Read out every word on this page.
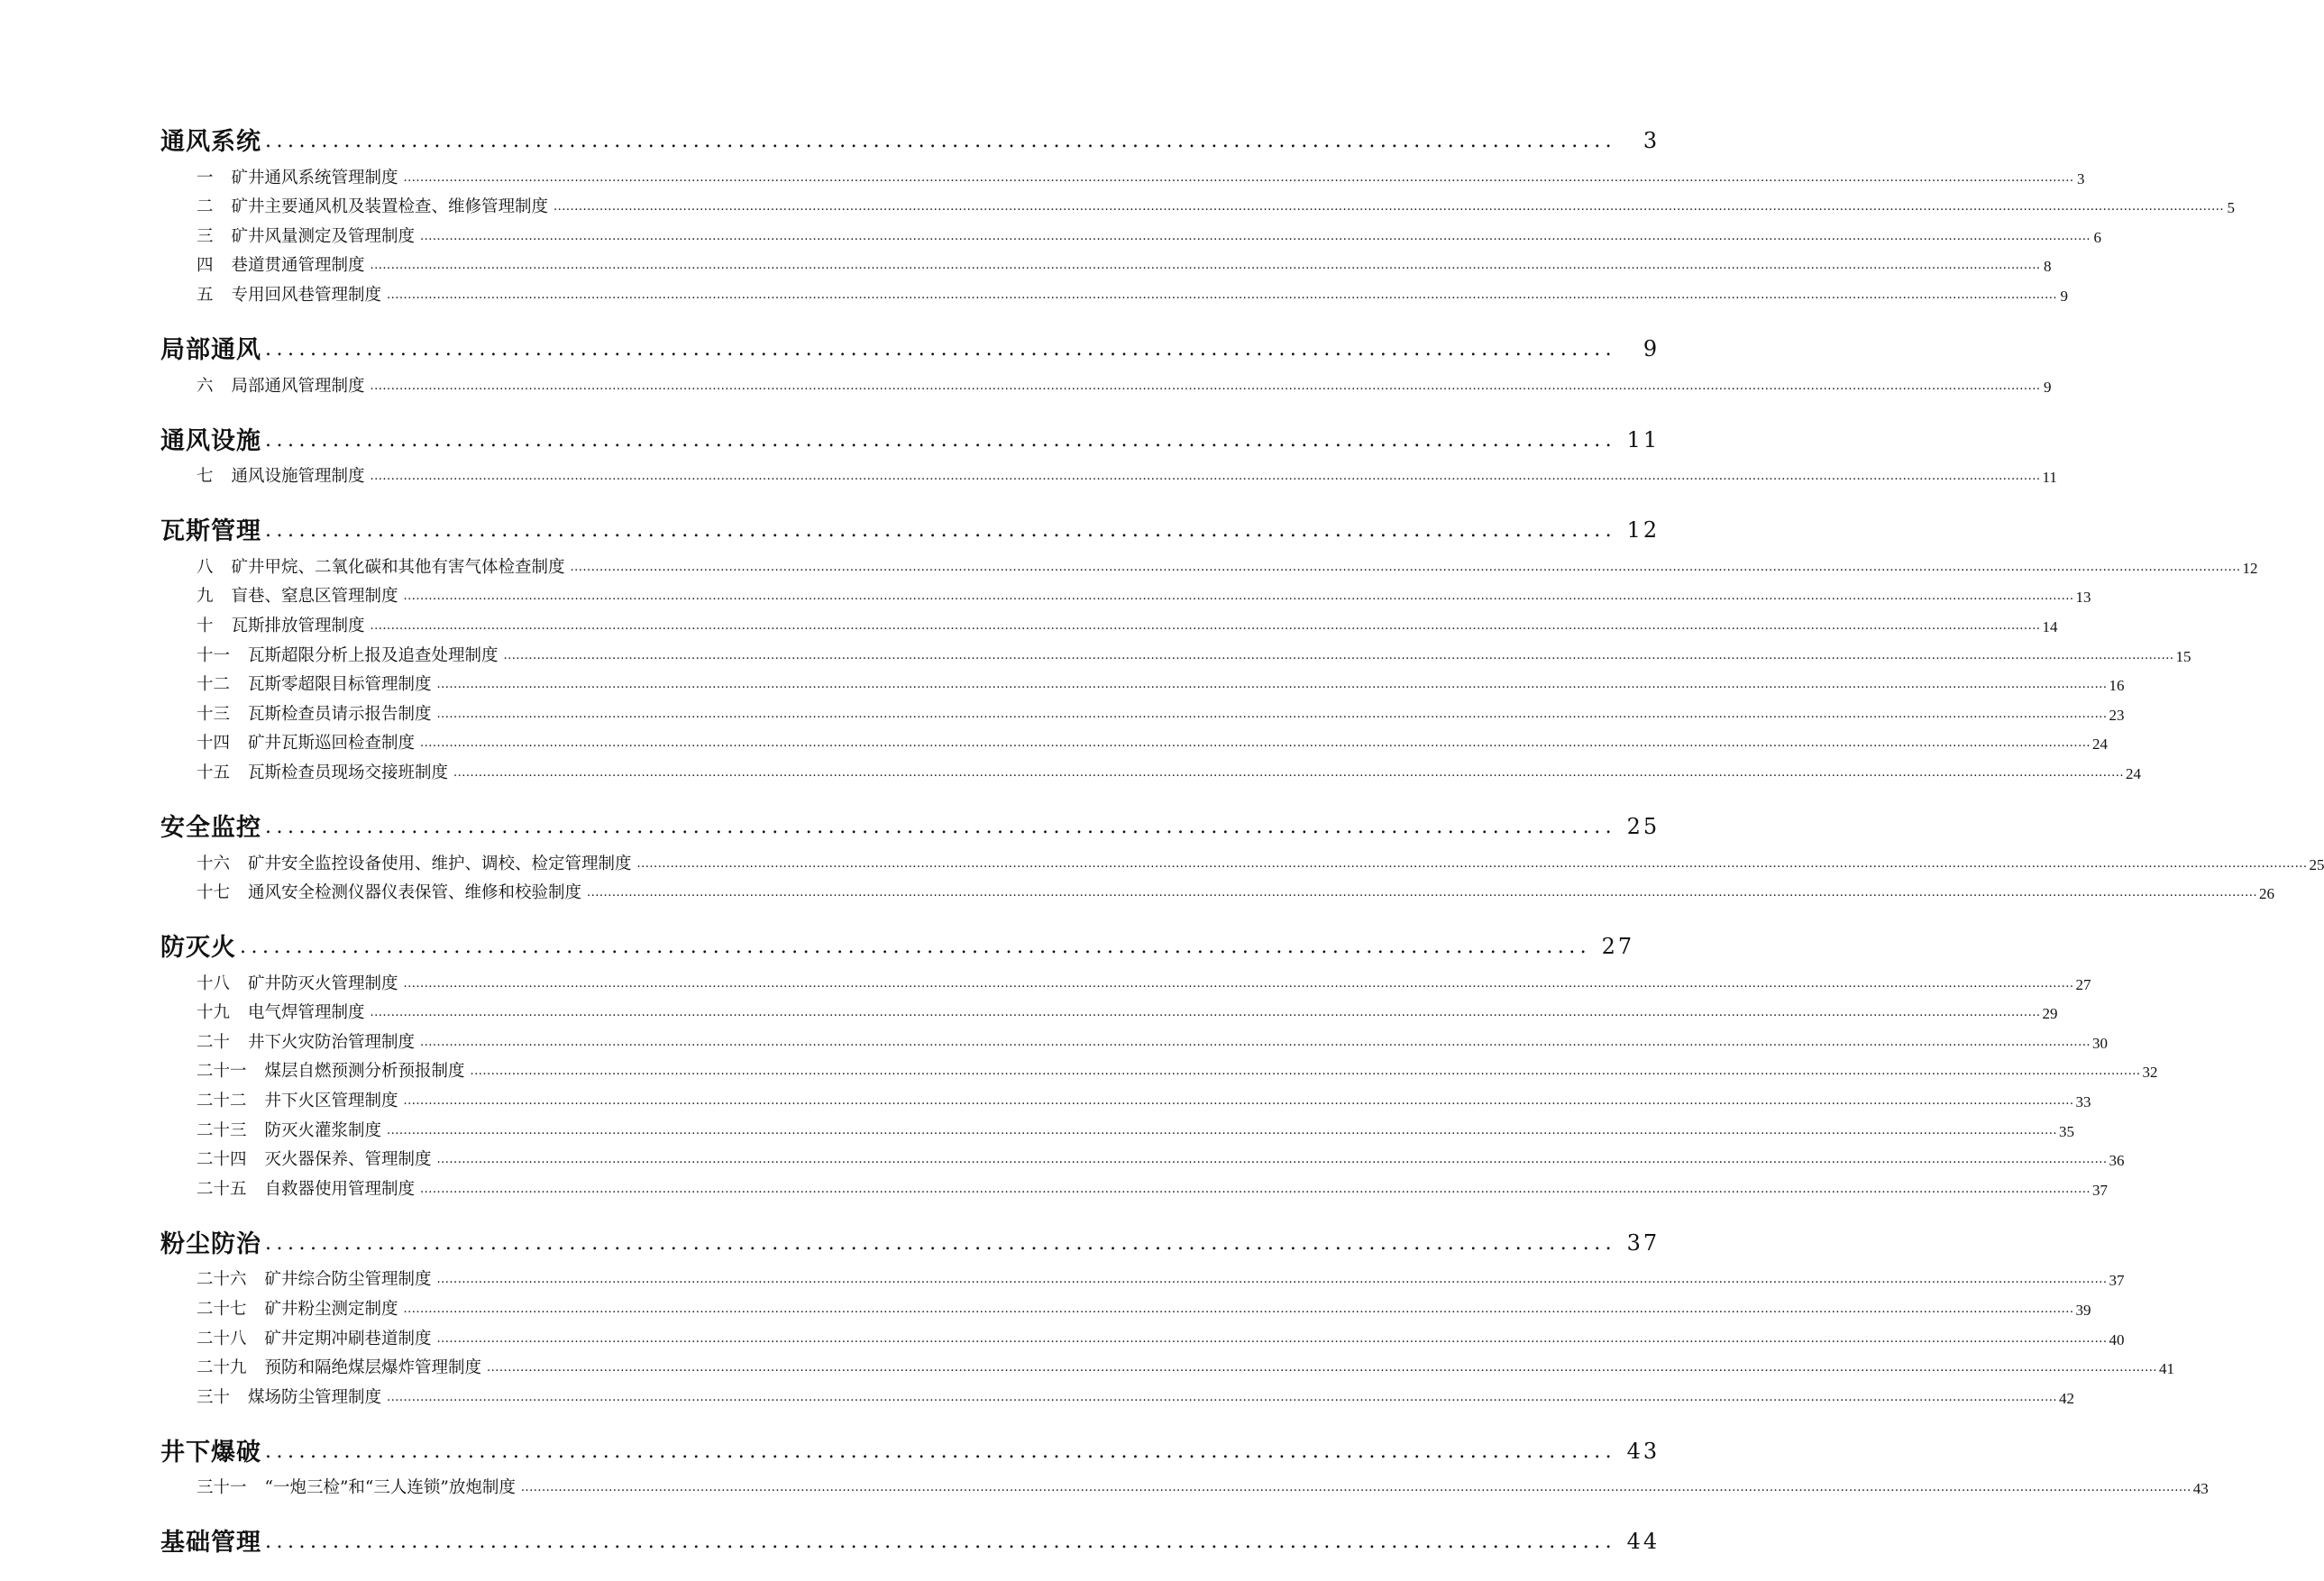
通风系统 ........................................................................................................................	3
一 矿井通风系统管理制度 ................................................................................................................................................................................................................................................................................................................................................................................................................ 3
二 矿井主要通风机及装置检查、维修管理制度 ................................................................................................................................................................................................................................................................................................................................................................................................................ 5
三 矿井风量测定及管理制度 ................................................................................................................................................................................................................................................................................................................................................................................................................ 6
四 巷道贯通管理制度 ................................................................................................................................................................................................................................................................................................................................................................................................................ 8
五 专用回风巷管理制度 ................................................................................................................................................................................................................................................................................................................................................................................................................ 9
局部通风 ........................................................................................................................	9
六 局部通风管理制度 ................................................................................................................................................................................................................................................................................................................................................................................................................ 9
通风设施 ........................................................................................................................ 11
七 通风设施管理制度 ................................................................................................................................................................................................................................................................................................................................................................................................................ 11
瓦斯管理 ........................................................................................................................ 12
八 矿井甲烷、二氧化碳和其他有害气体检查制度 ................................................................................................................................................................................................................................................................................................................................................................................................................ 12
九 盲巷、窒息区管理制度 ................................................................................................................................................................................................................................................................................................................................................................................................................ 13
十 瓦斯排放管理制度 ................................................................................................................................................................................................................................................................................................................................................................................................................ 14
十一 瓦斯超限分析上报及追查处理制度 ................................................................................................................................................................................................................................................................................................................................................................................................................ 15
十二 瓦斯零超限目标管理制度 ................................................................................................................................................................................................................................................................................................................................................................................................................ 16
十三 瓦斯检查员请示报告制度 ................................................................................................................................................................................................................................................................................................................................................................................................................ 23
十四 矿井瓦斯巡回检查制度 ................................................................................................................................................................................................................................................................................................................................................................................................................ 24
十五 瓦斯检查员现场交接班制度 ................................................................................................................................................................................................................................................................................................................................................................................................................ 24
安全监控 ........................................................................................................................ 25
十六 矿井安全监控设备使用、维护、调校、检定管理制度 ................................................................................................................................................................................................................................................................................................................................................................................................................ 25
十七 通风安全检测仪器仪表保管、维修和校验制度 ................................................................................................................................................................................................................................................................................................................................................................................................................ 26
防灭火 ........................................................................................................................ 27
十八 矿井防灭火管理制度 ................................................................................................................................................................................................................................................................................................................................................................................................................ 27
十九 电气焊管理制度 ................................................................................................................................................................................................................................................................................................................................................................................................................ 29
二十 井下火灾防治管理制度 ................................................................................................................................................................................................................................................................................................................................................................................................................ 30
二十一 煤层自燃预测分析预报制度 ................................................................................................................................................................................................................................................................................................................................................................................................................ 32
二十二 井下火区管理制度 ................................................................................................................................................................................................................................................................................................................................................................................................................ 33
二十三 防灭火灌浆制度 ................................................................................................................................................................................................................................................................................................................................................................................................................ 35
二十四 灭火器保养、管理制度 ................................................................................................................................................................................................................................................................................................................................................................................................................ 36
二十五 自救器使用管理制度 ................................................................................................................................................................................................................................................................................................................................................................................................................ 37
粉尘防治 ........................................................................................................................ 37
二十六 矿井综合防尘管理制度 ................................................................................................................................................................................................................................................................................................................................................................................................................ 37
二十七 矿井粉尘测定制度 ................................................................................................................................................................................................................................................................................................................................................................................................................ 39
二十八 矿井定期冲刷巷道制度 ................................................................................................................................................................................................................................................................................................................................................................................................................ 40
二十九 预防和隔绝煤层爆炸管理制度 ................................................................................................................................................................................................................................................................................................................................................................................................................ 41
三十 煤场防尘管理制度 ................................................................................................................................................................................................................................................................................................................................................................................................................ 42
井下爆破 ........................................................................................................................ 43
三十一 “一炮三检”和“三人连锁”放炮制度 ................................................................................................................................................................................................................................................................................................................................................................................................................ 43
基础管理 ........................................................................................................................ 44
